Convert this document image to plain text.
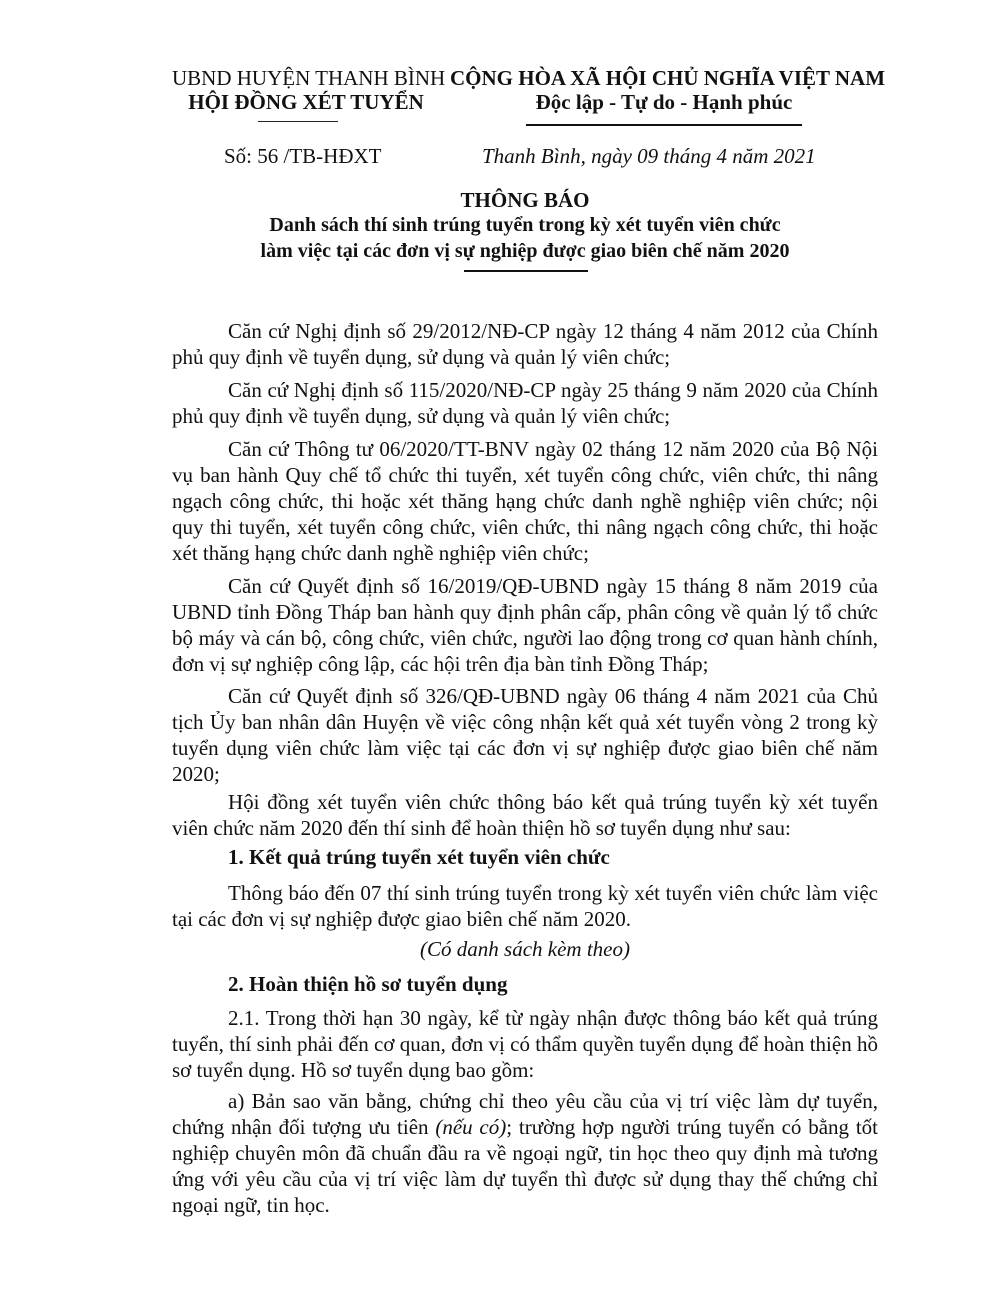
UBND HUYỆN THANH BÌNH
HỘI ĐỒNG XÉT TUYỂN
CỘNG HÒA XÃ HỘI CHỦ NGHĨA VIỆT NAM
Độc lập - Tự do - Hạnh phúc
Số: 56 /TB-HĐXT	Thanh Bình, ngày 09 tháng 4 năm 2021
THÔNG BÁO
Danh sách thí sinh trúng tuyển trong kỳ xét tuyển viên chức
làm việc tại các đơn vị sự nghiệp được giao biên chế năm 2020
Căn cứ Nghị định số 29/2012/NĐ-CP ngày 12 tháng 4 năm 2012 của Chính phủ quy định về tuyển dụng, sử dụng và quản lý viên chức;
Căn cứ Nghị định số 115/2020/NĐ-CP ngày 25 tháng 9 năm 2020 của Chính phủ quy định về tuyển dụng, sử dụng và quản lý viên chức;
Căn cứ Thông tư 06/2020/TT-BNV ngày 02 tháng 12 năm 2020 của Bộ Nội vụ ban hành Quy chế tổ chức thi tuyển, xét tuyển công chức, viên chức, thi nâng ngạch công chức, thi hoặc xét thăng hạng chức danh nghề nghiệp viên chức; nội quy thi tuyển, xét tuyển công chức, viên chức, thi nâng ngạch công chức, thi hoặc xét thăng hạng chức danh nghề nghiệp viên chức;
Căn cứ Quyết định số 16/2019/QĐ-UBND ngày 15 tháng 8 năm 2019 của UBND tỉnh Đồng Tháp ban hành quy định phân cấp, phân công về quản lý tổ chức bộ máy và cán bộ, công chức, viên chức, người lao động trong cơ quan hành chính, đơn vị sự nghiệp công lập, các hội trên địa bàn tỉnh Đồng Tháp;
Căn cứ Quyết định số 326/QĐ-UBND ngày 06 tháng 4 năm 2021 của Chủ tịch Ủy ban nhân dân Huyện về việc công nhận kết quả xét tuyển vòng 2 trong kỳ tuyển dụng viên chức làm việc tại các đơn vị sự nghiệp được giao biên chế năm 2020;
Hội đồng xét tuyển viên chức thông báo kết quả trúng tuyển kỳ xét tuyển viên chức năm 2020 đến thí sinh để hoàn thiện hồ sơ tuyển dụng như sau:
1. Kết quả trúng tuyển xét tuyển viên chức
Thông báo đến 07 thí sinh trúng tuyển trong kỳ xét tuyển viên chức làm việc tại các đơn vị sự nghiệp được giao biên chế năm 2020.
(Có danh sách kèm theo)
2. Hoàn thiện hồ sơ tuyển dụng
2.1. Trong thời hạn 30 ngày, kể từ ngày nhận được thông báo kết quả trúng tuyển, thí sinh phải đến cơ quan, đơn vị có thẩm quyền tuyển dụng để hoàn thiện hồ sơ tuyển dụng. Hồ sơ tuyển dụng bao gồm:
a) Bản sao văn bằng, chứng chỉ theo yêu cầu của vị trí việc làm dự tuyển, chứng nhận đối tượng ưu tiên (nếu có); trường hợp người trúng tuyển có bằng tốt nghiệp chuyên môn đã chuẩn đầu ra về ngoại ngữ, tin học theo quy định mà tương ứng với yêu cầu của vị trí việc làm dự tuyển thì được sử dụng thay thế chứng chỉ ngoại ngữ, tin học.
